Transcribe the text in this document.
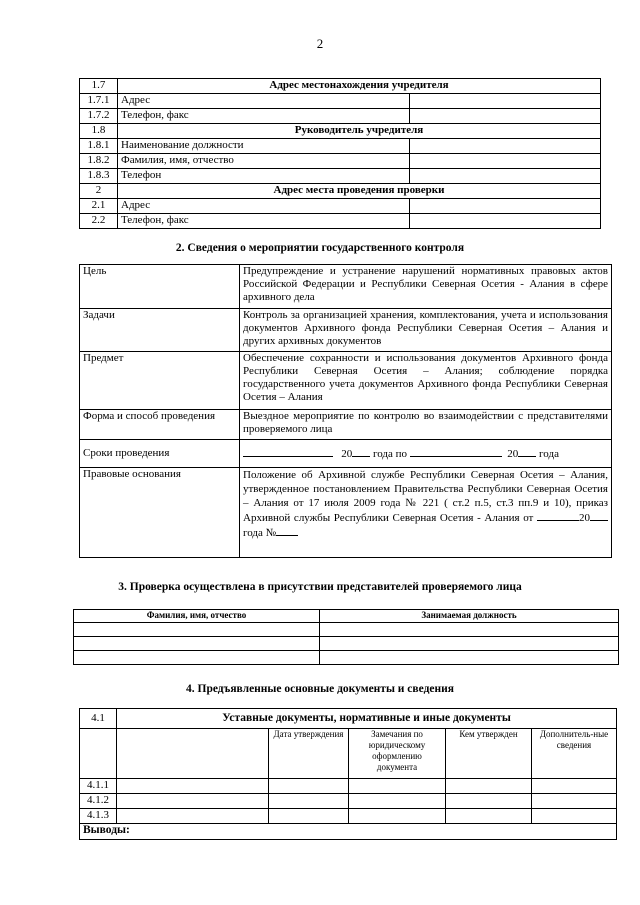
2
1.7	Адрес местонахождения учредителя	
1.7.1	Адрес	
1.7.2	Телефон, факс	
1.8	Руководитель учредителя	
1.8.1	Наименование должности	
1.8.2	Фамилия, имя, отчество	
1.8.3	Телефон	
2	Адрес места проведения проверки	
2.1	Адрес	
2.2	Телефон, факс	
2. Сведения о мероприятии государственного контроля
Цель	Предупреждение и устранение нарушений нормативных правовых актов Российской Федерации и Республики Северная Осетия - Алания в сфере архивного дела
Задачи	Контроль за организацией хранения, комплектования, учета и использования документов Архивного фонда Республики Северная Осетия – Алания и других архивных документов
Предмет	Обеспечение сохранности и использования документов Архивного фонда Республики Северная Осетия – Алания; соблюдение порядка государственного учета документов Архивного фонда Республики Северная Осетия – Алания
Форма и способ проведения	Выездное мероприятие по контролю во взаимодействии с представителями проверяемого лица
Сроки проведения	20 года по 20 года
Правовые основания	Положение об Архивной службе Республики Северная Осетия – Алания, утвержденное постановлением Правительства Республики Северная Осетия – Алания от 17 июля 2009 года № 221 ( ст.2 п.5, ст.3 пп.9 и 10), приказ Архивной службы Республики Северная Осетия - Алания от 20 года №
3. Проверка осуществлена в присутствии представителей проверяемого лица
Фамилия, имя, отчество	Занимаемая должность

4. Предъявленные основные документы и сведения
4.1	Уставные документы, нормативные и иные документы				
		Дата утверждения	Замечания по юридическому оформлению документа	Кем утвержден	Дополнитель-ные сведения
4.1.1					
4.1.2					
4.1.3					
Выводы:					
